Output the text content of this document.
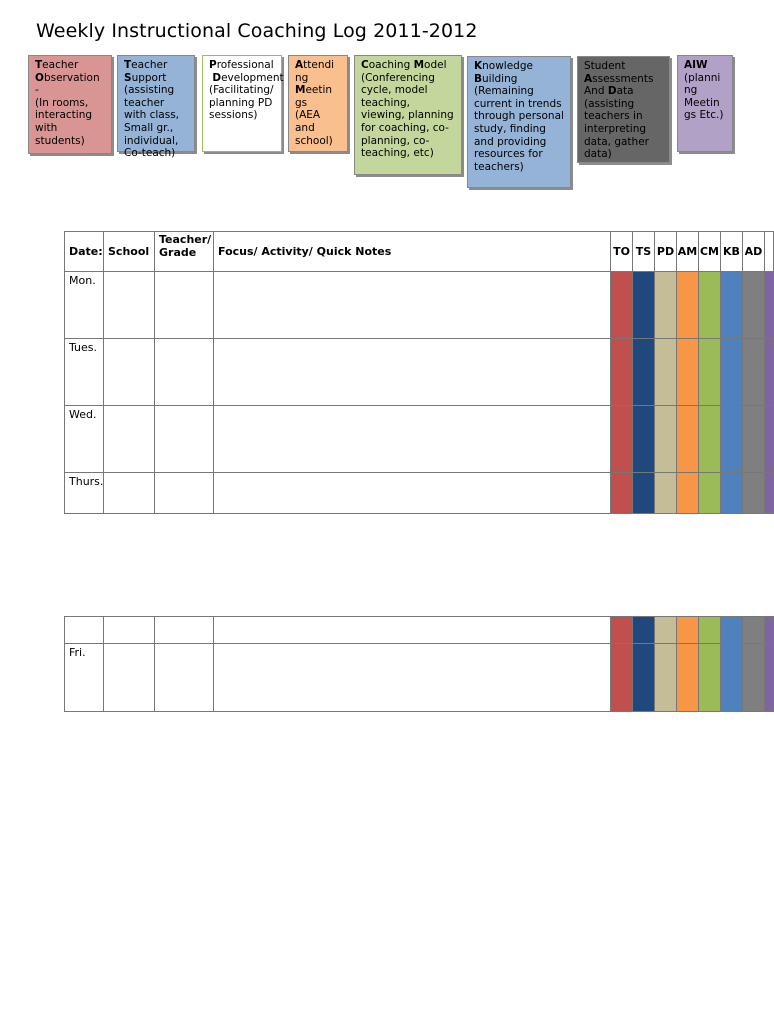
Weekly Instructional Coaching Log 2011-2012
Teacher
Observation
-
(In rooms, interacting with students)
Teacher
Support
(assisting teacher with class, Small gr., individual, Co-teach)
Professional
Development
(Facilitating/ planning PD sessions)
Attendi
ng
Meetin
gs
(AEA and school)
Coaching Model
(Conferencing cycle, model teaching, viewing, planning for coaching, co-planning, co-teaching, etc)
Knowledge
Building
(Remaining current in trends through personal study, finding and providing resources for teachers)
Student
Assessments
And Data (assisting teachers in interpreting data, gather data)
AIW
(planni ng Meetin gs Etc.)
Date:	School	Teacher/ Grade	Focus/ Activity/ Quick Notes	TO	TS	PD	AM	CM	KB	AD	
Mon.											
Tues.											
Wed.											
Thurs.											

Fri.											
